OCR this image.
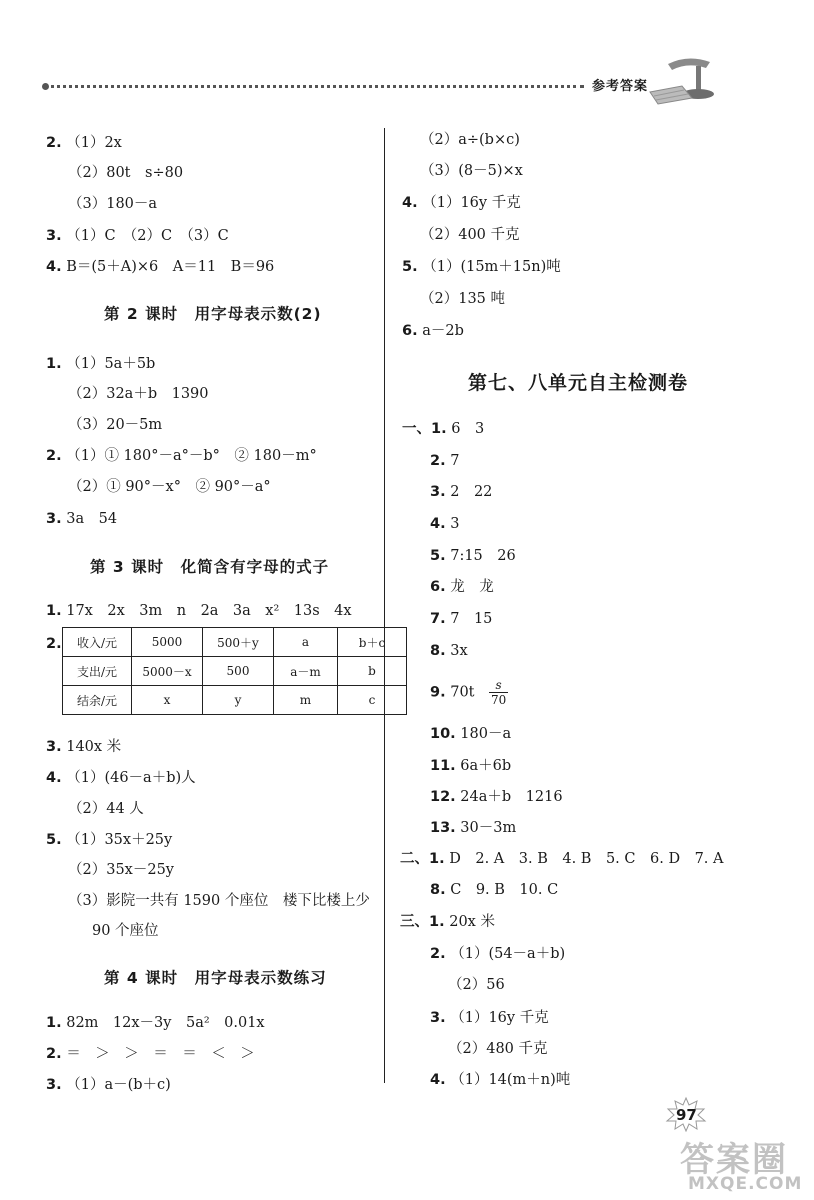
参考答案
2. 收入/元	5000	500＋y	a	b＋c
支出/元	5000－x	500	a－m	b
结余/元	x	y	m	c
97
答案圈
MXQE.COM
2. （1）2x
（2）80t　s÷80
（3）180－a
3. （1）C　（2）C　（3）C
4. B＝(5＋A)×6　A＝11　B＝96
第 2 课时　用字母表示数(2)
1. （1）5a＋5b
（2）32a＋b　1390
（3）20－5m
2. （1）① 180°－a°－b°　② 180－m°
（2）① 90°－x°　② 90°－a°
3. 3a　54
第 3 课时　化简含有字母的式子
1. 17x　2x　3m　n　2a　3a　x²　13s　4x
3. 140x 米
4. （1）(46－a＋b)人
（2）44 人
5. （1）35x＋25y
（2）35x－25y
（3）影院一共有 1590 个座位　楼下比楼上少
90 个座位
第 4 课时　用字母表示数练习
1. 82m　12x－3y　5a²　0.01x
2. ＝　＞　＞　＝　＝　＜　＞
3. （1）a－(b＋c)
（2）a÷(b×c)
（3）(8－5)×x
4. （1）16y 千克
（2）400 千克
5. （1）(15m＋15n)吨
（2）135 吨
6. a－2b
第七、八单元自主检测卷
一、1. 6　3
2. 7
3. 2　22
4. 3
5. 7:15　26
6. 龙　龙
7. 7　15
8. 3x
9. 70t　 $\frac{s}{70}$
10. 180－a
11. 6a＋6b
12. 24a＋b　1216
13. 30－3m
二、1. D　2. A　3. B　4. B　5. C　6. D　7. A
8. C　9. B　10. C
三、1. 20x 米
2. （1）(54－a＋b)
（2）56
3. （1）16y 千克
（2）480 千克
4. （1）14(m＋n)吨
